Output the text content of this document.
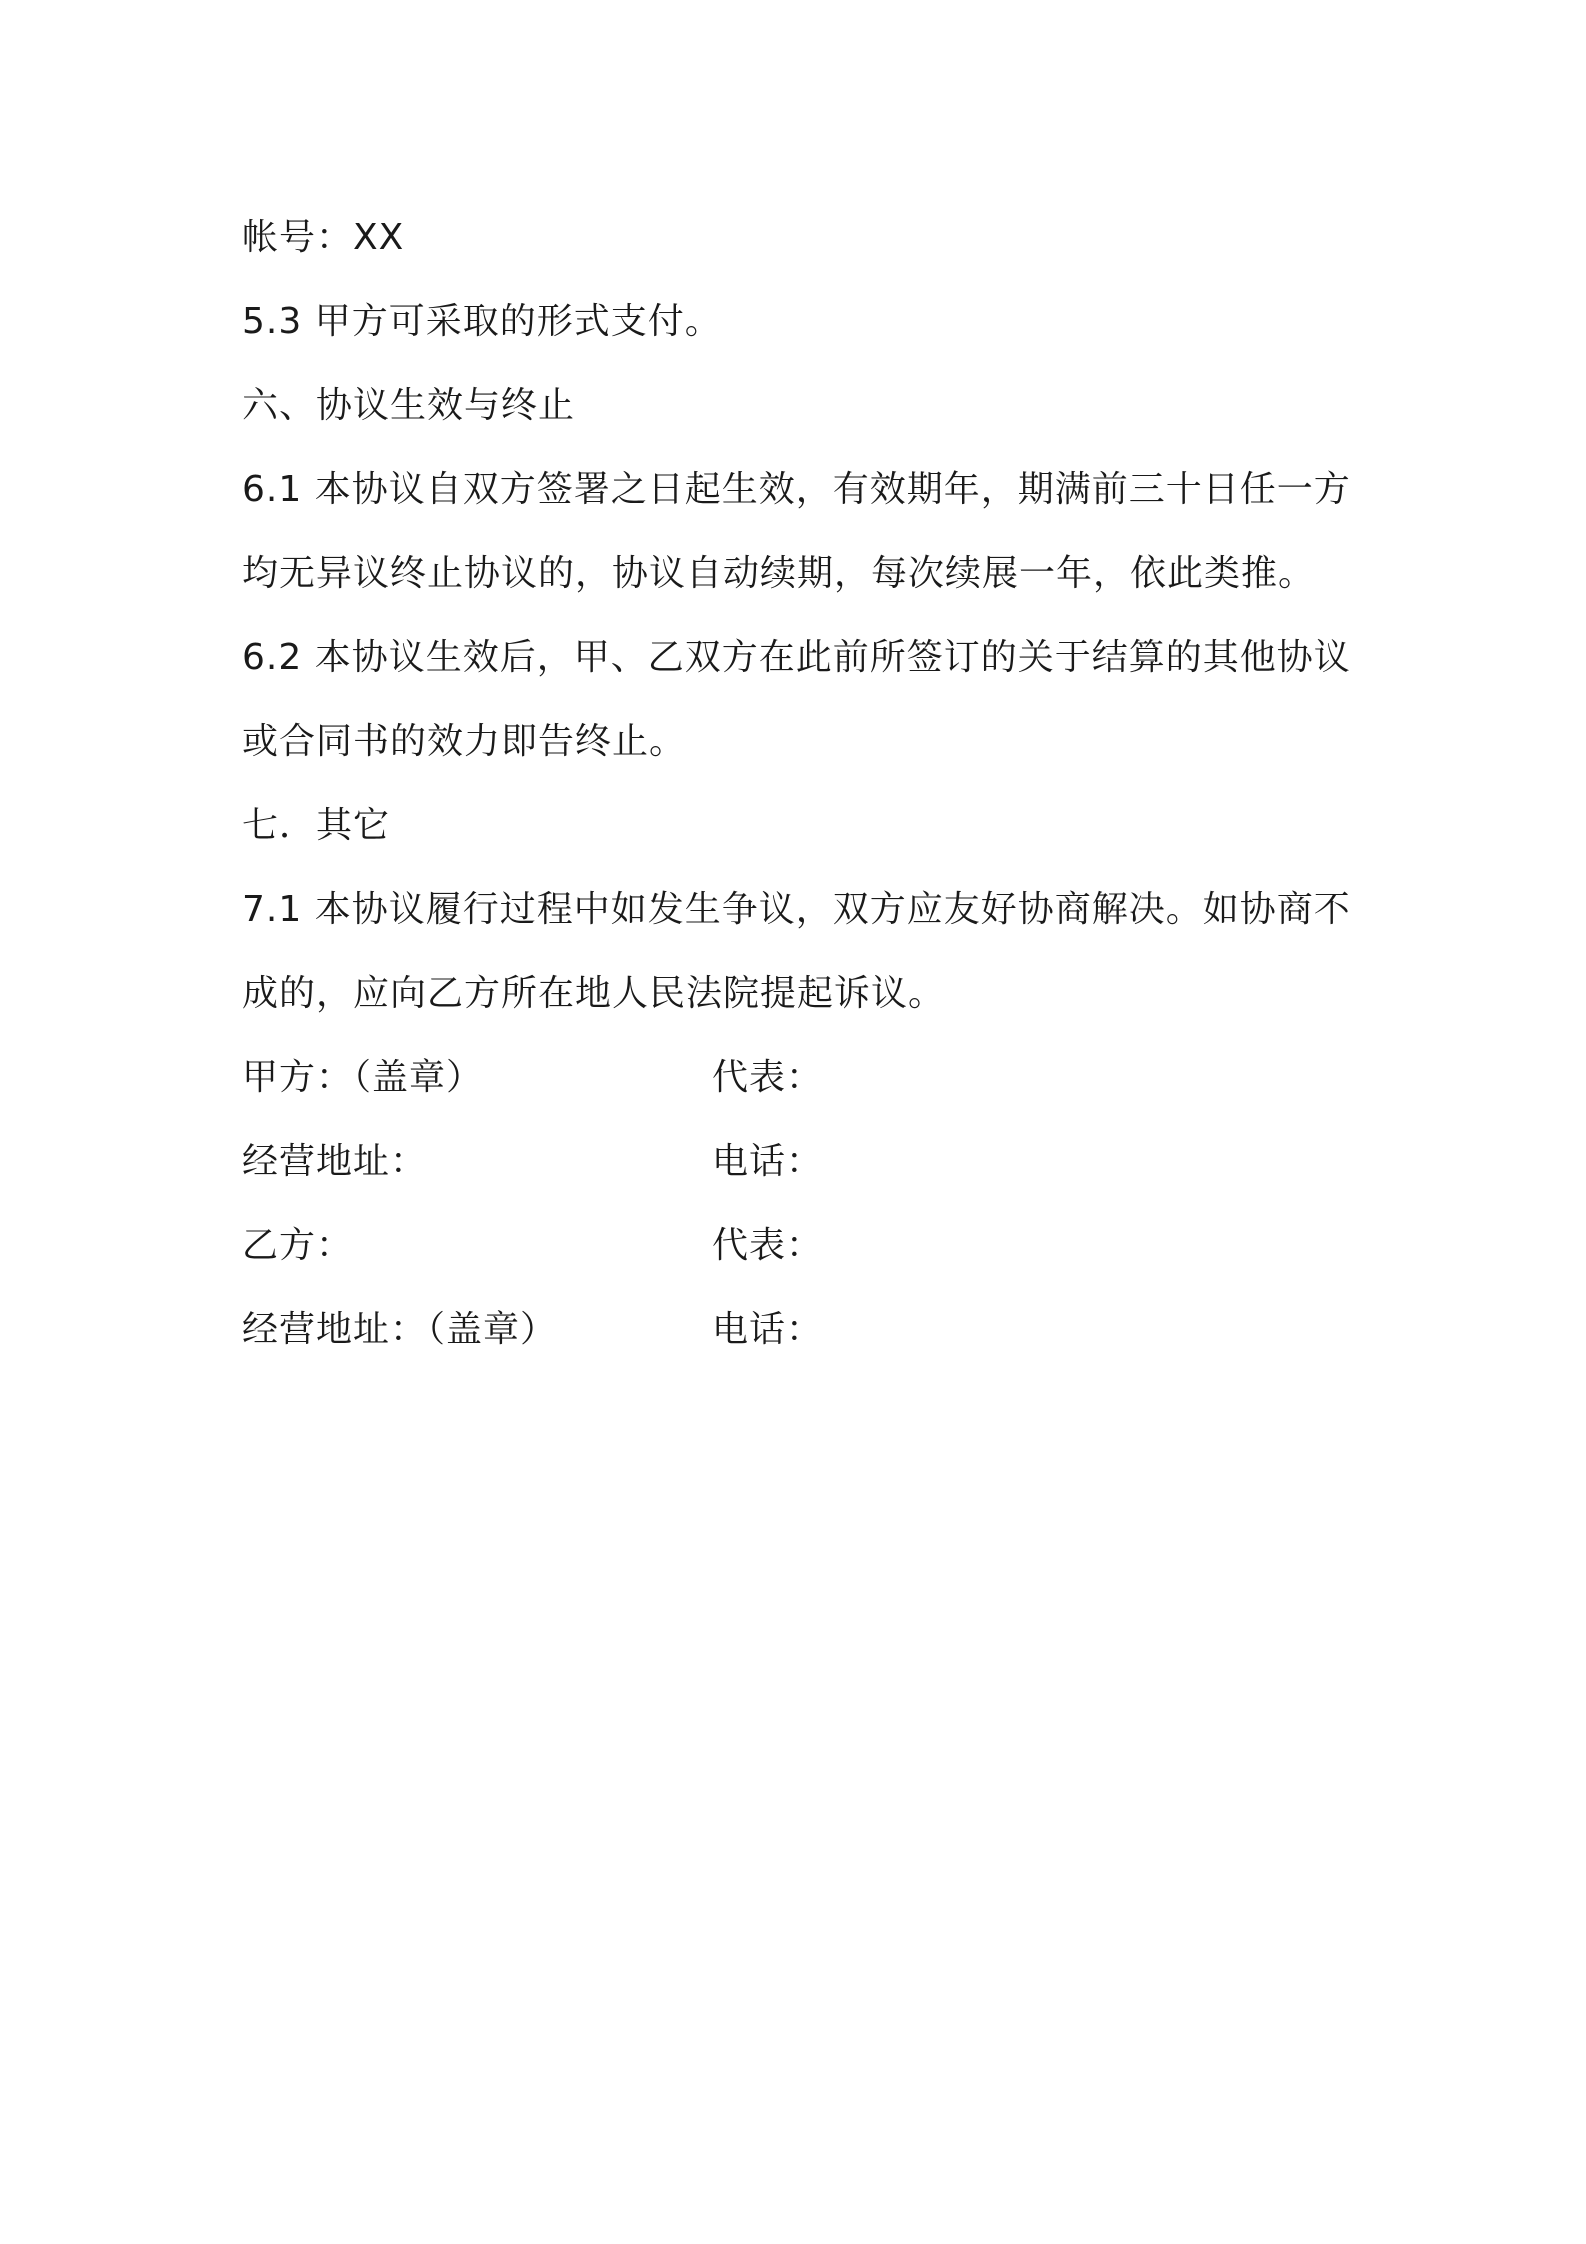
帐号：XX
5.3 甲方可采取的形式支付。
六、协议生效与终止
6.1 本协议自双方签署之日起生效，有效期年，期满前三十日任一方
均无异议终止协议的，协议自动续期，每次续展一年，依此类推。
6.2 本协议生效后，甲、乙双方在此前所签订的关于结算的其他协议
或合同书的效力即告终止。
七．其它
7.1 本协议履行过程中如发生争议，双方应友好协商解决。如协商不
成的，应向乙方所在地人民法院提起诉议。
甲方：（盖章）	代表：
经营地址：	电话：
乙方：	代表：
经营地址：（盖章）	电话：
